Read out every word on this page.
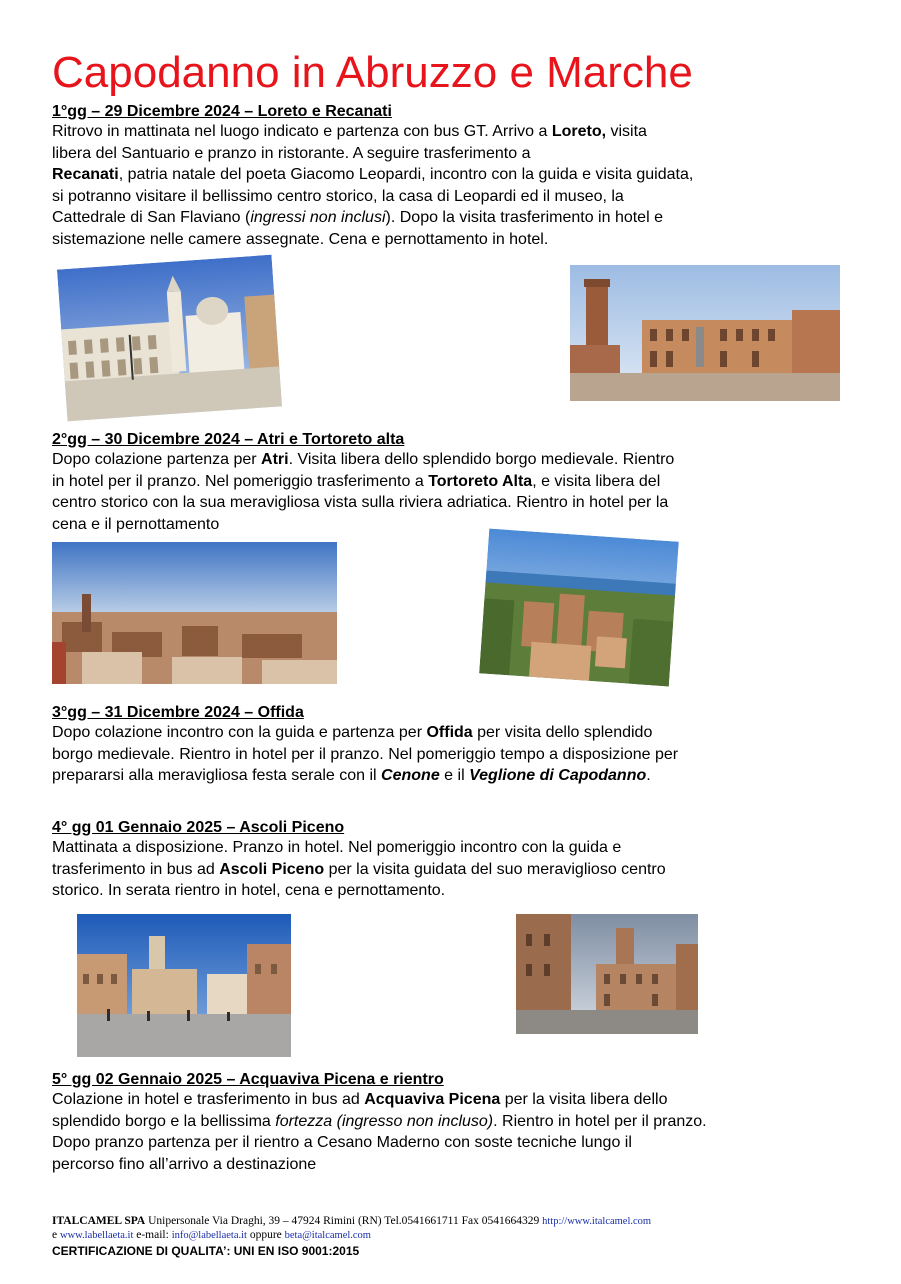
Capodanno in Abruzzo e Marche
1°gg – 29 Dicembre 2024 – Loreto e Recanati
Ritrovo in mattinata nel luogo indicato e partenza con bus GT. Arrivo a Loreto, visita
libera del Santuario e pranzo in ristorante. A seguire trasferimento a
Recanati, patria natale del poeta Giacomo Leopardi, incontro con la guida e visita guidata,
si potranno visitare il bellissimo centro storico, la casa di Leopardi ed il museo, la
Cattedrale di San Flaviano (ingressi non inclusi). Dopo la visita trasferimento in hotel e
sistemazione nelle camere assegnate. Cena e pernottamento in hotel.
2°gg – 30 Dicembre 2024 – Atri e Tortoreto alta
Dopo colazione partenza per Atri. Visita libera dello splendido borgo medievale. Rientro
in hotel per il pranzo. Nel pomeriggio trasferimento a Tortoreto Alta, e visita libera del
centro storico con la sua meravigliosa vista sulla riviera adriatica. Rientro in hotel per la
cena e il pernottamento
3°gg – 31 Dicembre 2024 – Offida
Dopo colazione incontro con la guida e partenza per Offida per visita dello splendido
borgo medievale. Rientro in hotel per il pranzo. Nel pomeriggio tempo a disposizione per
prepararsi alla meravigliosa festa serale con il Cenone e il Veglione di Capodanno.
4° gg 01 Gennaio 2025 – Ascoli Piceno
Mattinata a disposizione. Pranzo in hotel. Nel pomeriggio incontro con la guida e
trasferimento in bus ad Ascoli Piceno per la visita guidata del suo meraviglioso centro
storico. In serata rientro in hotel, cena e pernottamento.
5° gg 02 Gennaio 2025 – Acquaviva Picena e rientro
Colazione in hotel e trasferimento in bus ad Acquaviva Picena per la visita libera dello
splendido borgo e la bellissima fortezza (ingresso non incluso). Rientro in hotel per il pranzo.
Dopo pranzo partenza per il rientro a Cesano Maderno con soste tecniche lungo il
percorso fino all’arrivo a destinazione
ITALCAMEL SPA Unipersonale Via Draghi, 39 – 47924 Rimini (RN) Tel.0541661711 Fax 0541664329 http://www.italcamel.com
e www.labellaeta.it e-mail: info@labellaeta.it oppure beta@italcamel.com
CERTIFICAZIONE DI QUALITA’: UNI EN ISO 9001:2015
